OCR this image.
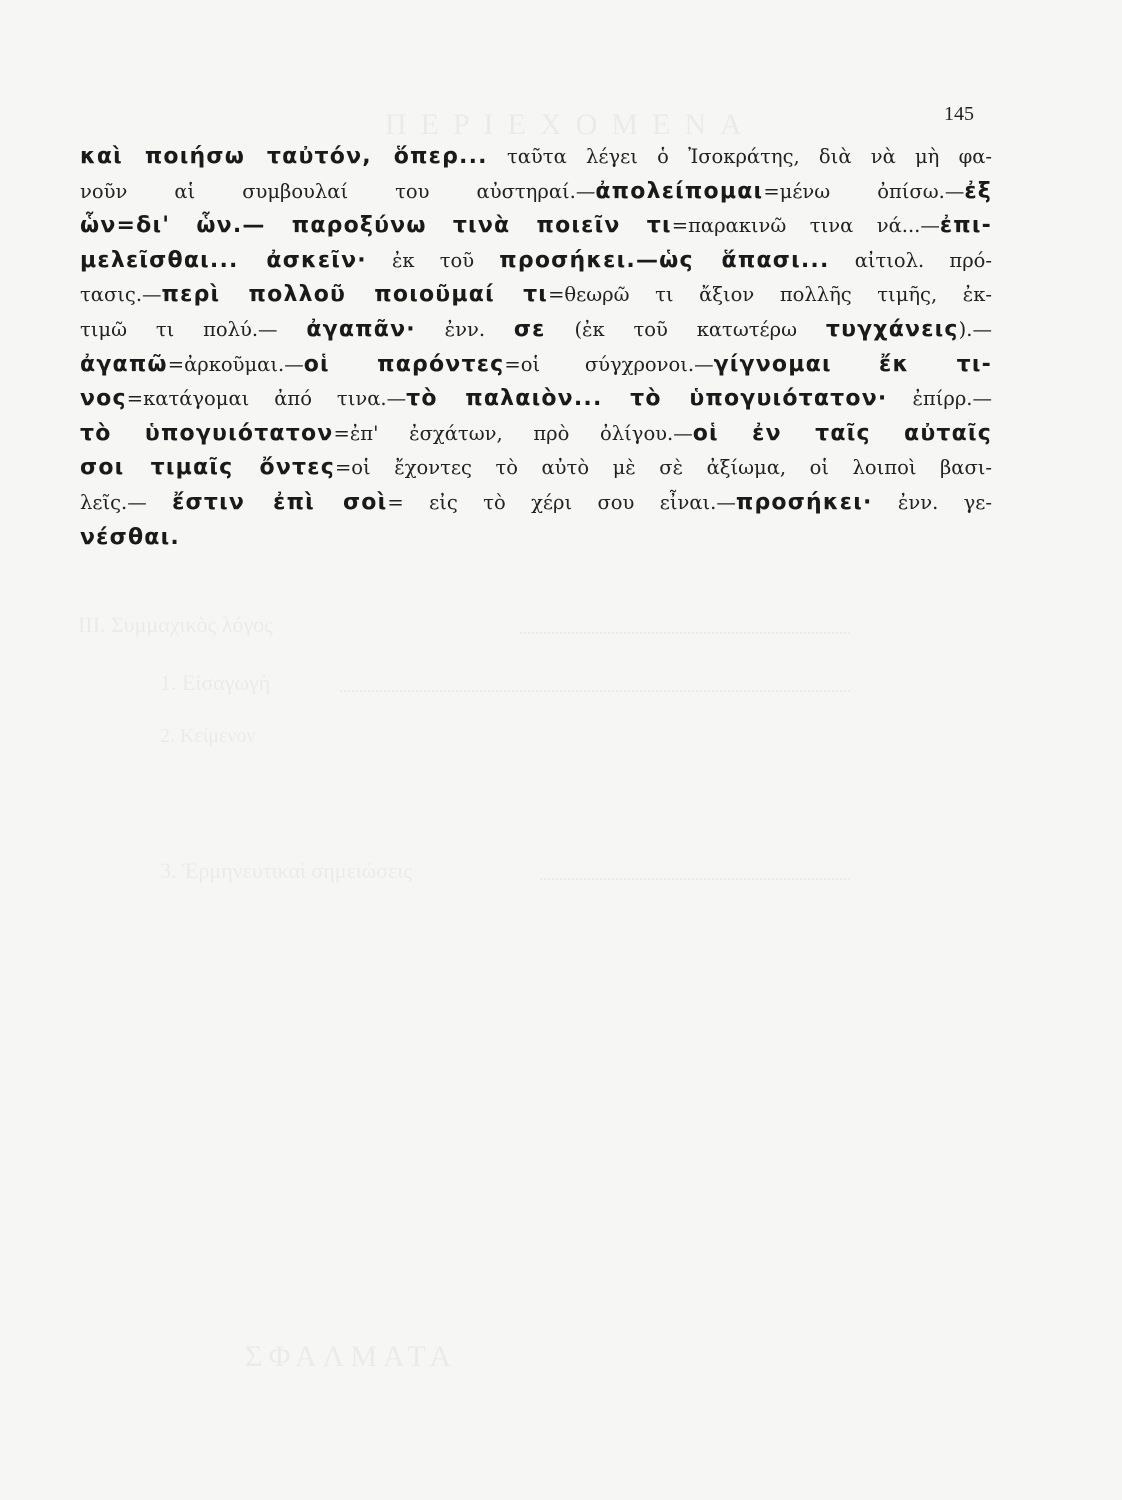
145
καὶ ποιήσω ταὐτόν, ὅπερ... ταῦτα λέγει ὁ Ἰσοκράτης, διὰ νὰ μὴ φα-
νοῦν αἱ συμβουλαί του αὐστηραί.—ἀπολείπομαι=μένω ὀπίσω.—ἐξ
ὧν=δι' ὧν.— παροξύνω τινὰ ποιεῖν τι=παρακινῶ τινα νά...—ἐπι-
μελεῖσθαι... ἀσκεῖν· ἐκ τοῦ προσήκει.—ὡς ἅπασι... αἰτιολ. πρό-
τασις.—περὶ πολλοῦ ποιοῦμαί τι=θεωρῶ τι ἄξιον πολλῆς τιμῆς, ἐκ-
τιμῶ τι πολύ.— ἀγαπᾶν· ἐνν. σε (ἐκ τοῦ κατωτέρω τυγχάνεις).—
ἀγαπῶ=ἀρκοῦμαι.—οἱ παρόντες=οἱ σύγχρονοι.—γίγνομαι ἔκ τι-
νος=κατάγομαι ἀπό τινα.—τὸ παλαιὸν... τὸ ὑπογυιότατον· ἐπίρρ.—
τὸ ὑπογυιότατον=ἐπ' ἐσχάτων, πρὸ ὀλίγου.—οἱ ἐν ταῖς αὐταῖς
σοι τιμαῖς ὄντες=οἱ ἔχοντες τὸ αὐτὸ μὲ σὲ ἀξίωμα, οἱ λοιποὶ βασι-
λεῖς.— ἔστιν ἐπὶ σοὶ= εἰς τὸ χέρι σου εἶναι.—προσήκει· ἐνν. γε-
νέσθαι.
